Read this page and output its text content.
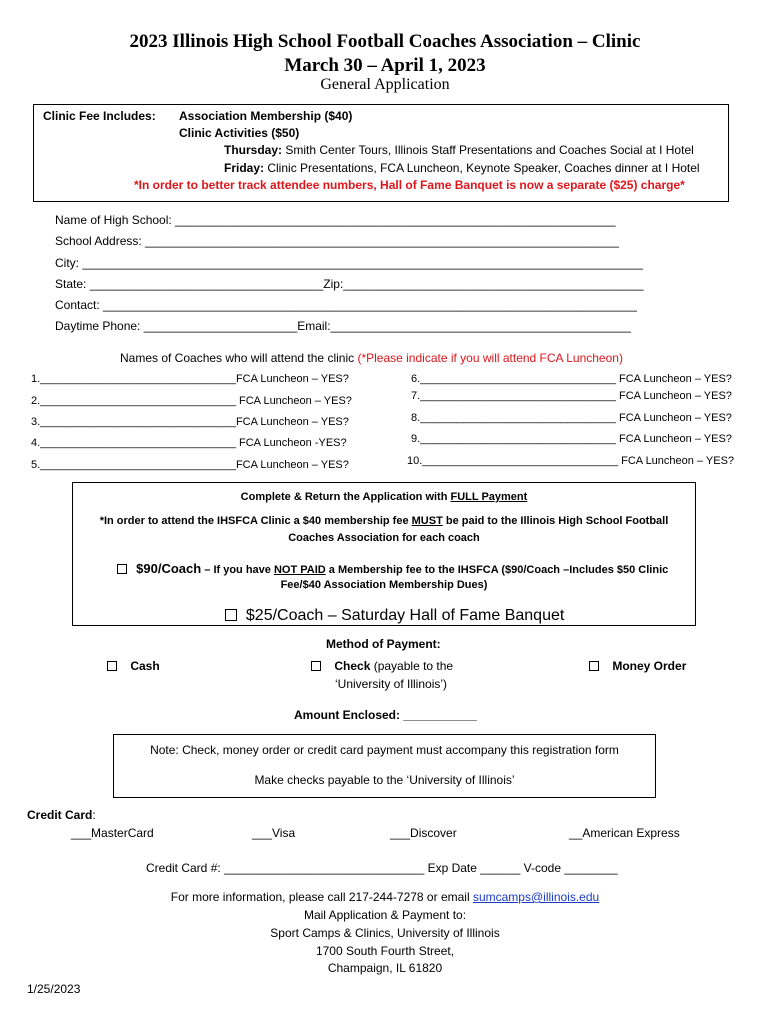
2023 Illinois High School Football Coaches Association – Clinic
March 30 – April 1, 2023
General Application
Clinic Fee Includes: Association Membership ($40)
Clinic Activities ($50)
Thursday: Smith Center Tours, Illinois Staff Presentations and Coaches Social at I Hotel
Friday: Clinic Presentations, FCA Luncheon, Keynote Speaker, Coaches dinner at I Hotel
*In order to better track attendee numbers, Hall of Fame Banquet is now a separate ($25) charge*
Name of High School: __________________________________________________________________
School Address: _______________________________________________________________________
City: ____________________________________________________________________________________
State: ___________________________________Zip:_____________________________________________
Contact: ________________________________________________________________________________
Daytime Phone: _______________________Email:_____________________________________________
Names of Coaches who will attend the clinic (*Please indicate if you will attend FCA Luncheon)
1.________________________________FCA Luncheon – YES?
2.________________________________ FCA Luncheon – YES?
3.________________________________FCA Luncheon – YES?
4.________________________________ FCA Luncheon -YES?
5.________________________________FCA Luncheon – YES?
6.________________________________ FCA Luncheon – YES?
7.________________________________ FCA Luncheon – YES?
8.________________________________ FCA Luncheon – YES?
9.________________________________ FCA Luncheon – YES?
10.________________________________ FCA Luncheon – YES?
Complete & Return the Application with FULL Payment
*In order to attend the IHSFCA Clinic a $40 membership fee MUST be paid to the Illinois High School Football
Coaches Association for each coach
$90/Coach – If you have NOT PAID a Membership fee to the IHSFCA ($90/Coach –Includes $50 Clinic
Fee/$40 Association Membership Dues)
$25/Coach – Saturday Hall of Fame Banquet
Method of Payment:
Cash	Check (payable to the
‘University of Illinois’)
Money Order
Amount Enclosed: ___________
Note: Check, money order or credit card payment must accompany this registration form
Make checks payable to the ‘University of Illinois’
Credit Card:
___MasterCard	___Visa	___Discover	__American Express
Credit Card #: ______________________________ Exp Date ______ V-code ________
For more information, please call 217-244-7278 or email sumcamps@illinois.edu
Mail Application & Payment to:
Sport Camps & Clinics, University of Illinois
1700 South Fourth Street,
Champaign, IL 61820
1/25/2023
